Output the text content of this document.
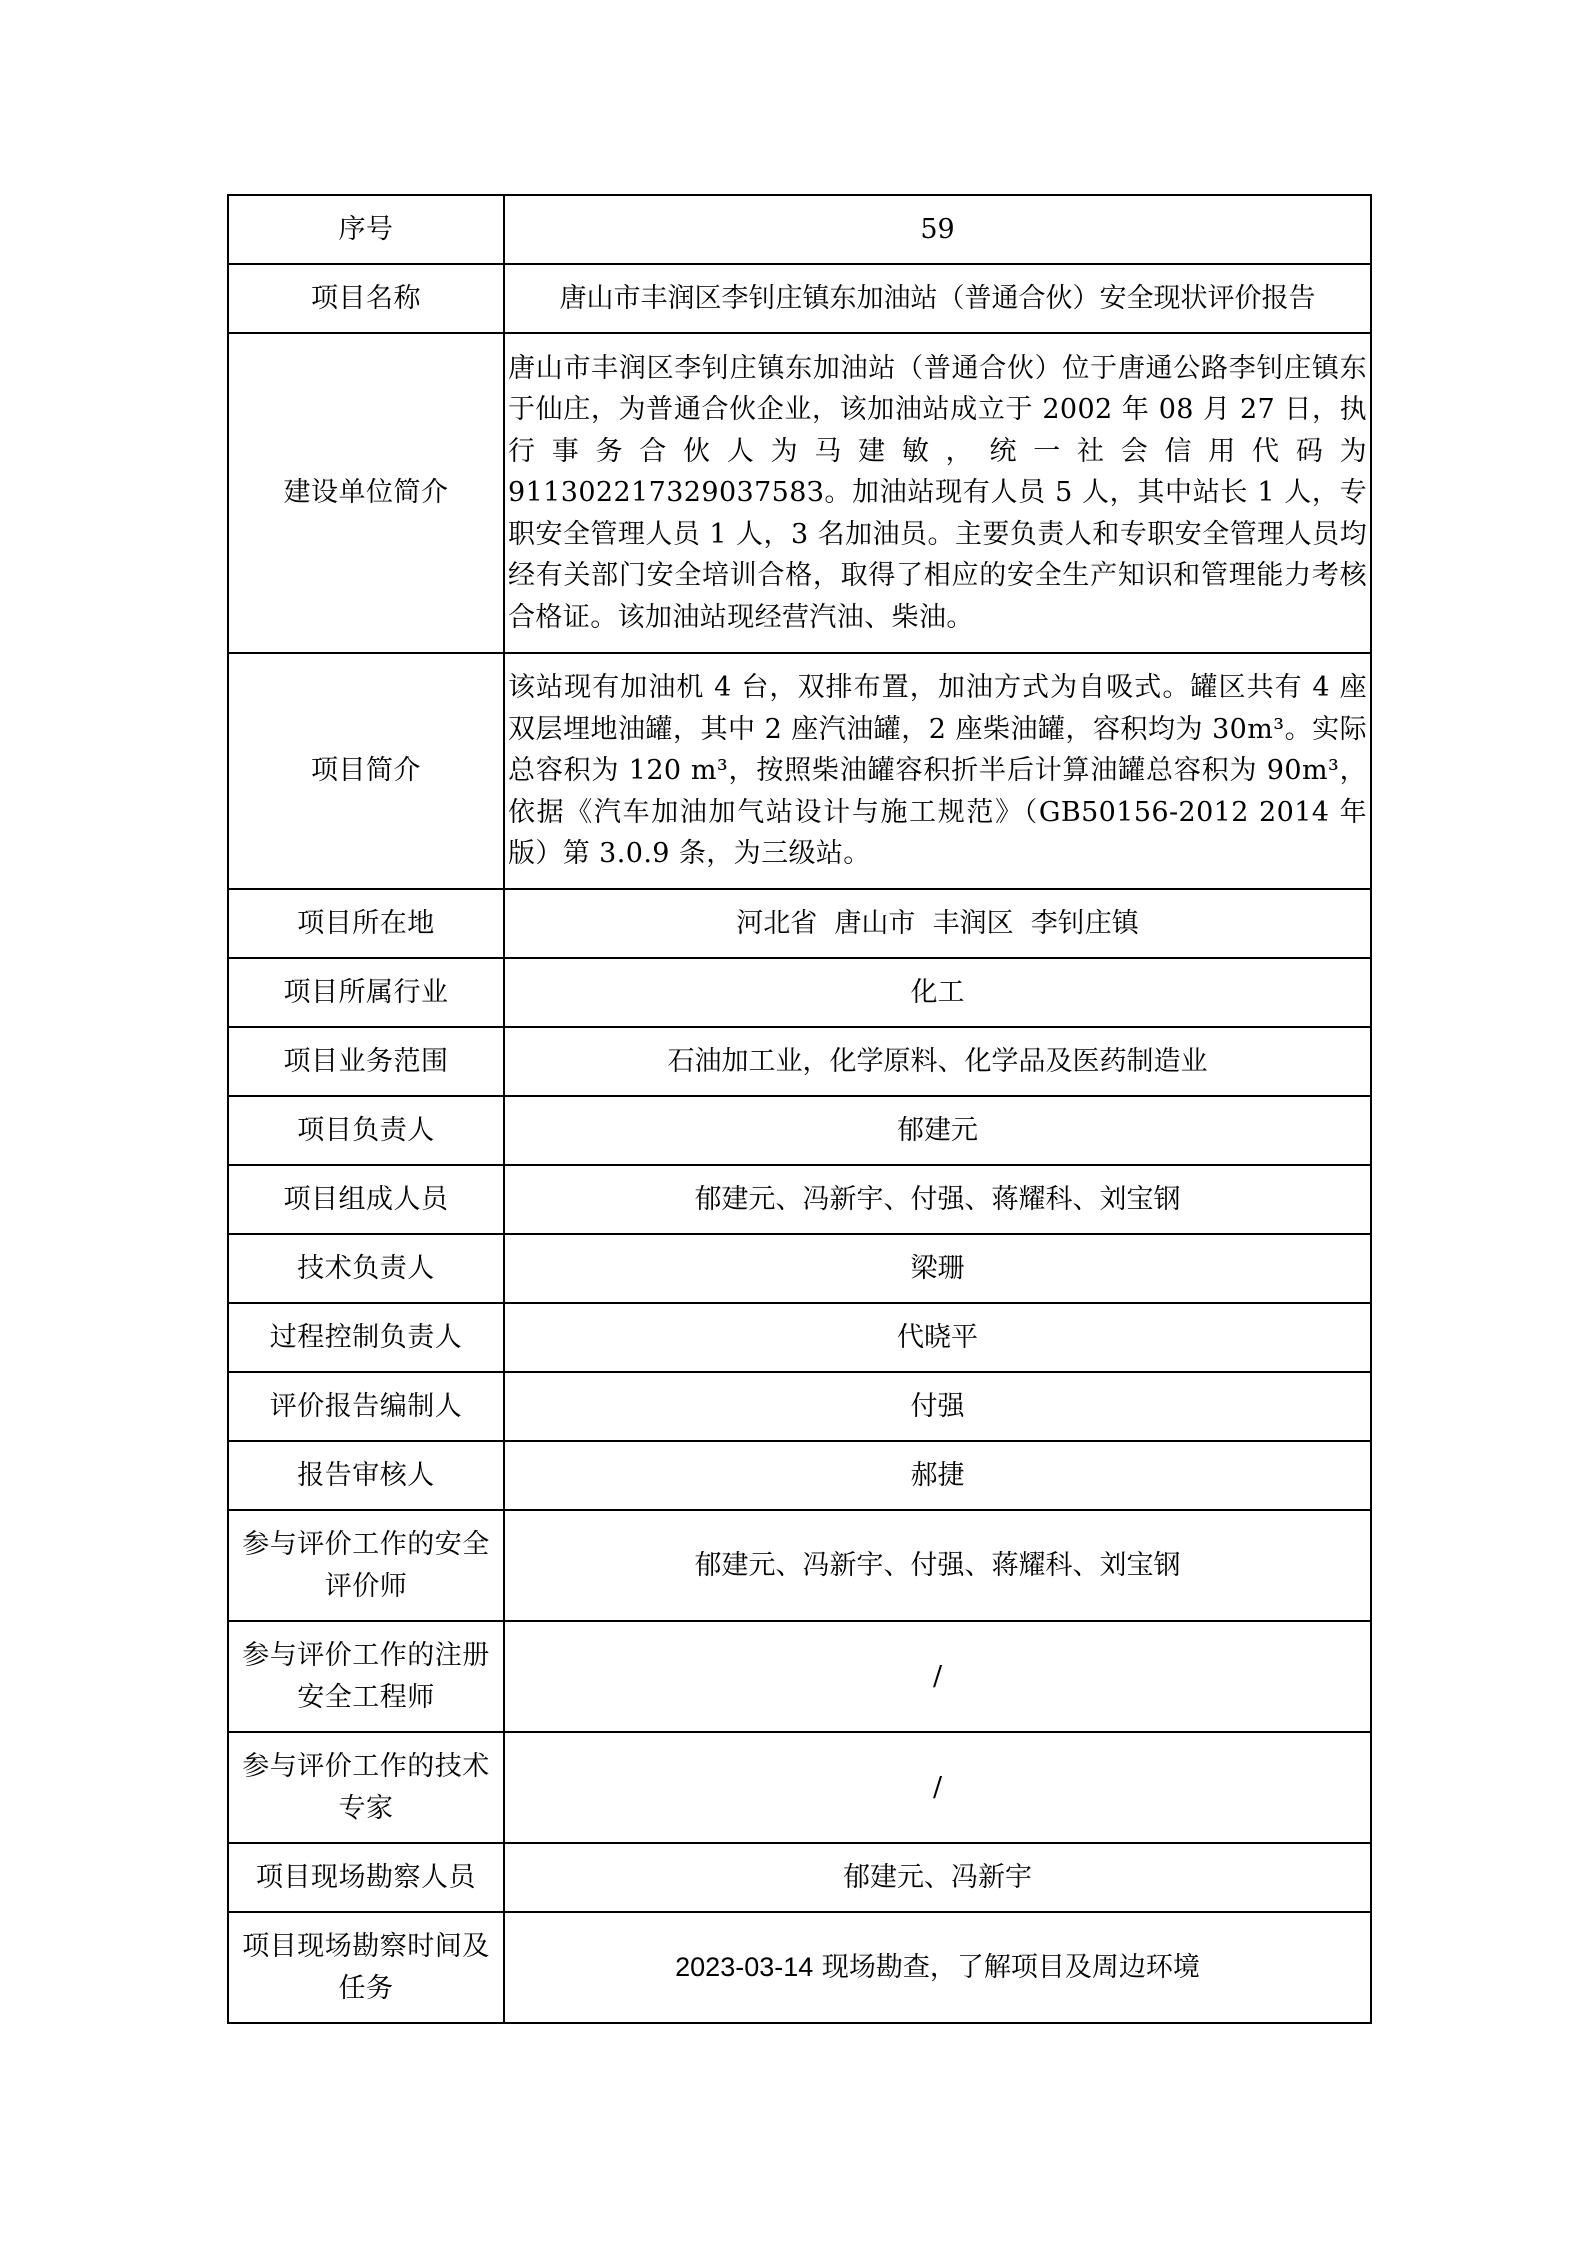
序号	59
项目名称	唐山市丰润区李钊庄镇东加油站（普通合伙）安全现状评价报告
建设单位简介	唐山市丰润区李钊庄镇东加油站（普通合伙）位于唐通公路李钊庄镇东于仙庄，为普通合伙企业，该加油站成立于 2002 年 08 月 27 日，执行事务合伙人为马建敏，统一社会信用代码为 91130221732903758З。加油站现有人员 5 人，其中站长 1 人，专职安全管理人员 1 人，3 名加油员。主要负责人和专职安全管理人员均经有关部门安全培训合格，取得了相应的安全生产知识和管理能力考核合格证。该加油站现经营汽油、柴油。
项目简介	该站现有加油机 4 台，双排布置，加油方式为自吸式。罐区共有 4 座双层埋地油罐，其中 2 座汽油罐，2 座柴油罐，容积均为 30m³。实际总容积为 120 m³，按照柴油罐容积折半后计算油罐总容积为 90m³，依据《汽车加油加气站设计与施工规范》（GB50156-2012 2014 年版）第 3.0.9 条，为三级站。
项目所在地	河北省  唐山市  丰润区  李钊庄镇
项目所属行业	化工
项目业务范围	石油加工业，化学原料、化学品及医药制造业
项目负责人	郁建元
项目组成人员	郁建元、冯新宇、付强、蒋耀科、刘宝钢
技术负责人	梁珊
过程控制负责人	代晓平
评价报告编制人	付强
报告审核人	郝捷
参与评价工作的安全评价师	郁建元、冯新宇、付强、蒋耀科、刘宝钢
参与评价工作的注册安全工程师	/
参与评价工作的技术专家	/
项目现场勘察人员	郁建元、冯新宇
项目现场勘察时间及任务	2023-03-14 现场勘查，了解项目及周边环境
